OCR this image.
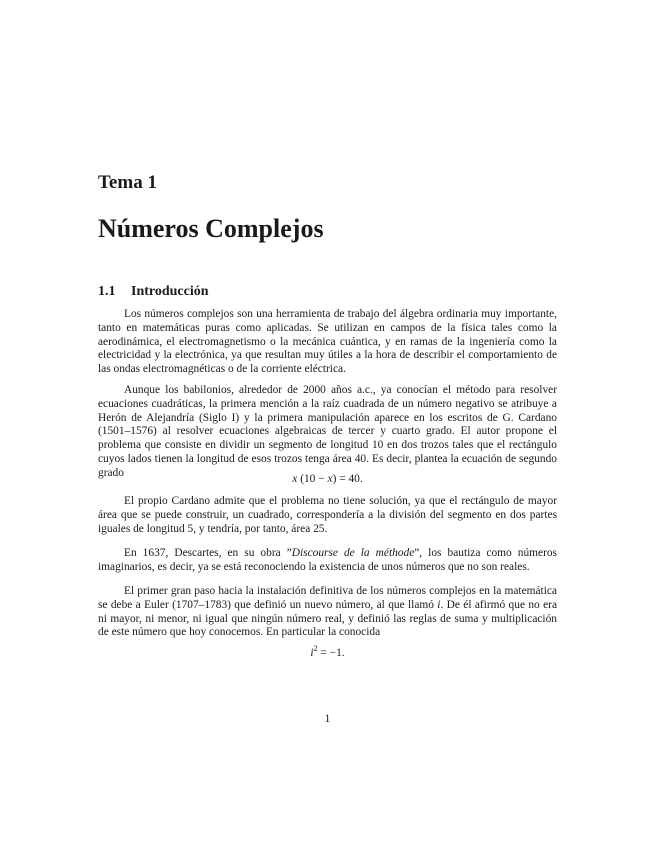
Tema 1
Números Complejos
1.1 Introducción

Los números complejos son una herramienta de trabajo del álgebra ordinaria muy importante, tanto en matemáticas puras como aplicadas. Se utilizan en campos de la física tales como la aerodinámica, el electromagnetismo o la mecánica cuántica, y en ramas de la ingeniería como la electricidad y la electrónica, ya que resultan muy útiles a la hora de describir el comportamiento de las ondas electromagnéticas o de la corriente eléctrica.

Aunque los babilonios, alrededor de 2000 años a.c., ya conocían el método para resolver ecuaciones cuadráticas, la primera mención a la raíz cuadrada de un número negativo se atribuye a Herón de Alejandría (Siglo I) y la primera manipulación aparece en los escritos de G. Cardano (1501–1576) al resolver ecuaciones algebraicas de tercer y cuarto grado. El autor propone el problema que consiste en dividir un segmento de longitud 10 en dos trozos tales que el rectángulo cuyos lados tienen la longitud de esos trozos tenga área 40. Es decir, plantea la ecuación de segundo grado

x (10 − x) = 40.

El propio Cardano admite que el problema no tiene solución, ya que el rectángulo de mayor área que se puede construir, un cuadrado, correspondería a la división del segmento en dos partes iguales de longitud 5, y tendría, por tanto, área 25.

En 1637, Descartes, en su obra ”Discourse de la méthode”, los bautiza como números imaginarios, es decir, ya se está reconociendo la existencia de unos números que no son reales.

El primer gran paso hacia la instalación definitiva de los números complejos en la matemática se debe a Euler (1707–1783) que definió un nuevo número, al que llamó i. De él afirmó que no era ni mayor, ni menor, ni igual que ningún número real, y definió las reglas de suma y multiplicación de este número que hoy conocemos. En particular la conocida

$i^2 = -1$.
1
